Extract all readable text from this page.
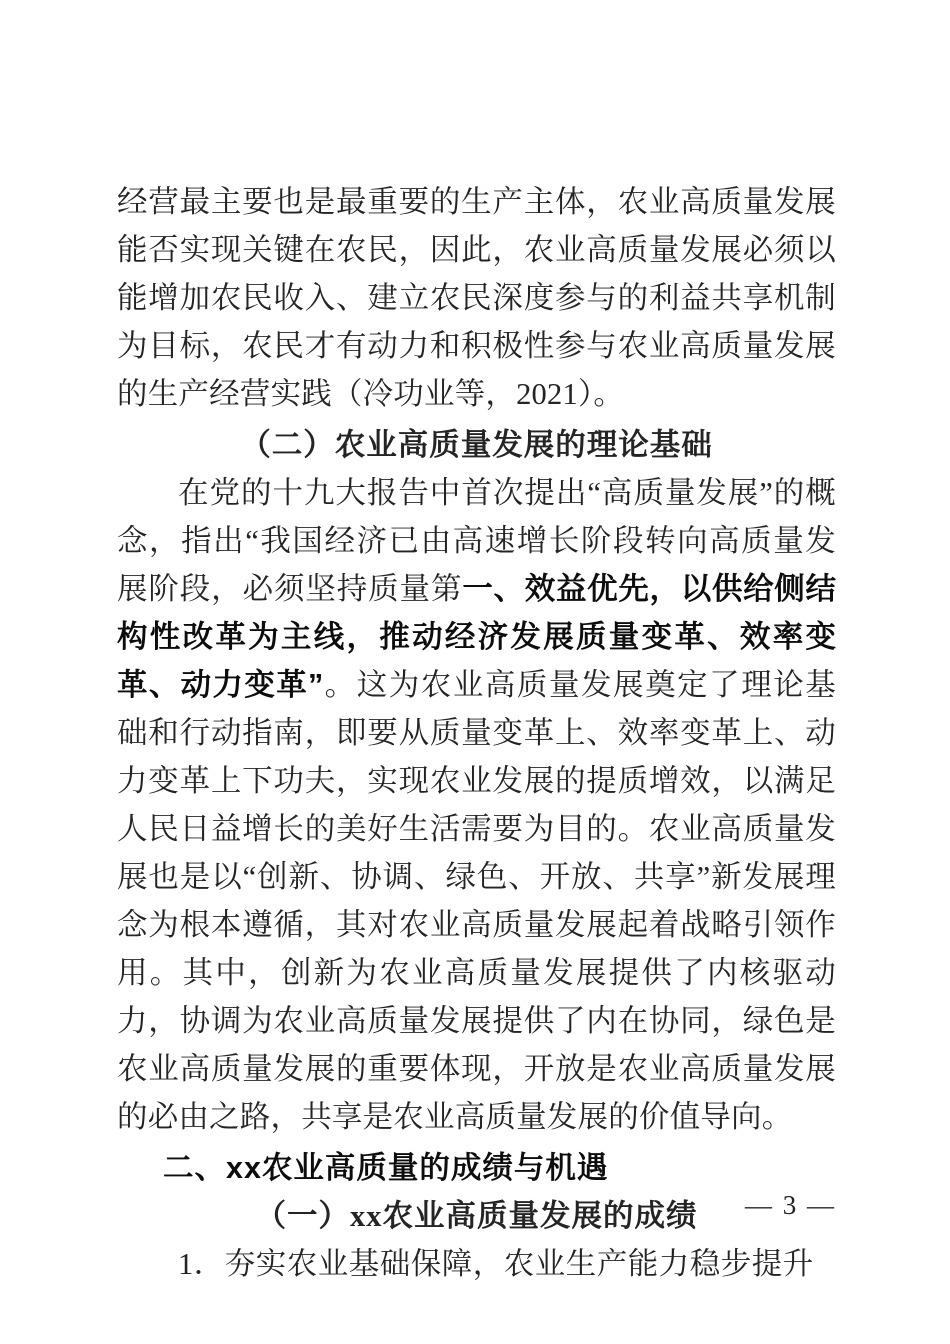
经营最主要也是最重要的生产主体，农业高质量发展能否实现关键在农民，因此，农业高质量发展必须以能增加农民收入、建立农民深度参与的利益共享机制为目标，农民才有动力和积极性参与农业高质量发展的生产经营实践（冷功业等，2021）。

（二）农业高质量发展的理论基础

在党的十九大报告中首次提出“高质量发展”的概念，指出“我国经济已由高速增长阶段转向高质量发展阶段，必须坚持质量第一、效益优先，以供给侧结构性改革为主线，推动经济发展质量变革、效率变革、动力变革”。这为农业高质量发展奠定了理论基础和行动指南，即要从质量变革上、效率变革上、动力变革上下功夫，实现农业发展的提质增效，以满足人民日益增长的美好生活需要为目的。农业高质量发展也是以“创新、协调、绿色、开放、共享”新发展理念为根本遵循，其对农业高质量发展起着战略引领作用。其中，创新为农业高质量发展提供了内核驱动力，协调为农业高质量发展提供了内在协同，绿色是农业高质量发展的重要体现，开放是农业高质量发展的必由之路，共享是农业高质量发展的价值导向。

二、xx农业高质量的成绩与机遇
（一）xx农业高质量发展的成绩

1．夯实农业基础保障，农业生产能力稳步提升

— 3 —
